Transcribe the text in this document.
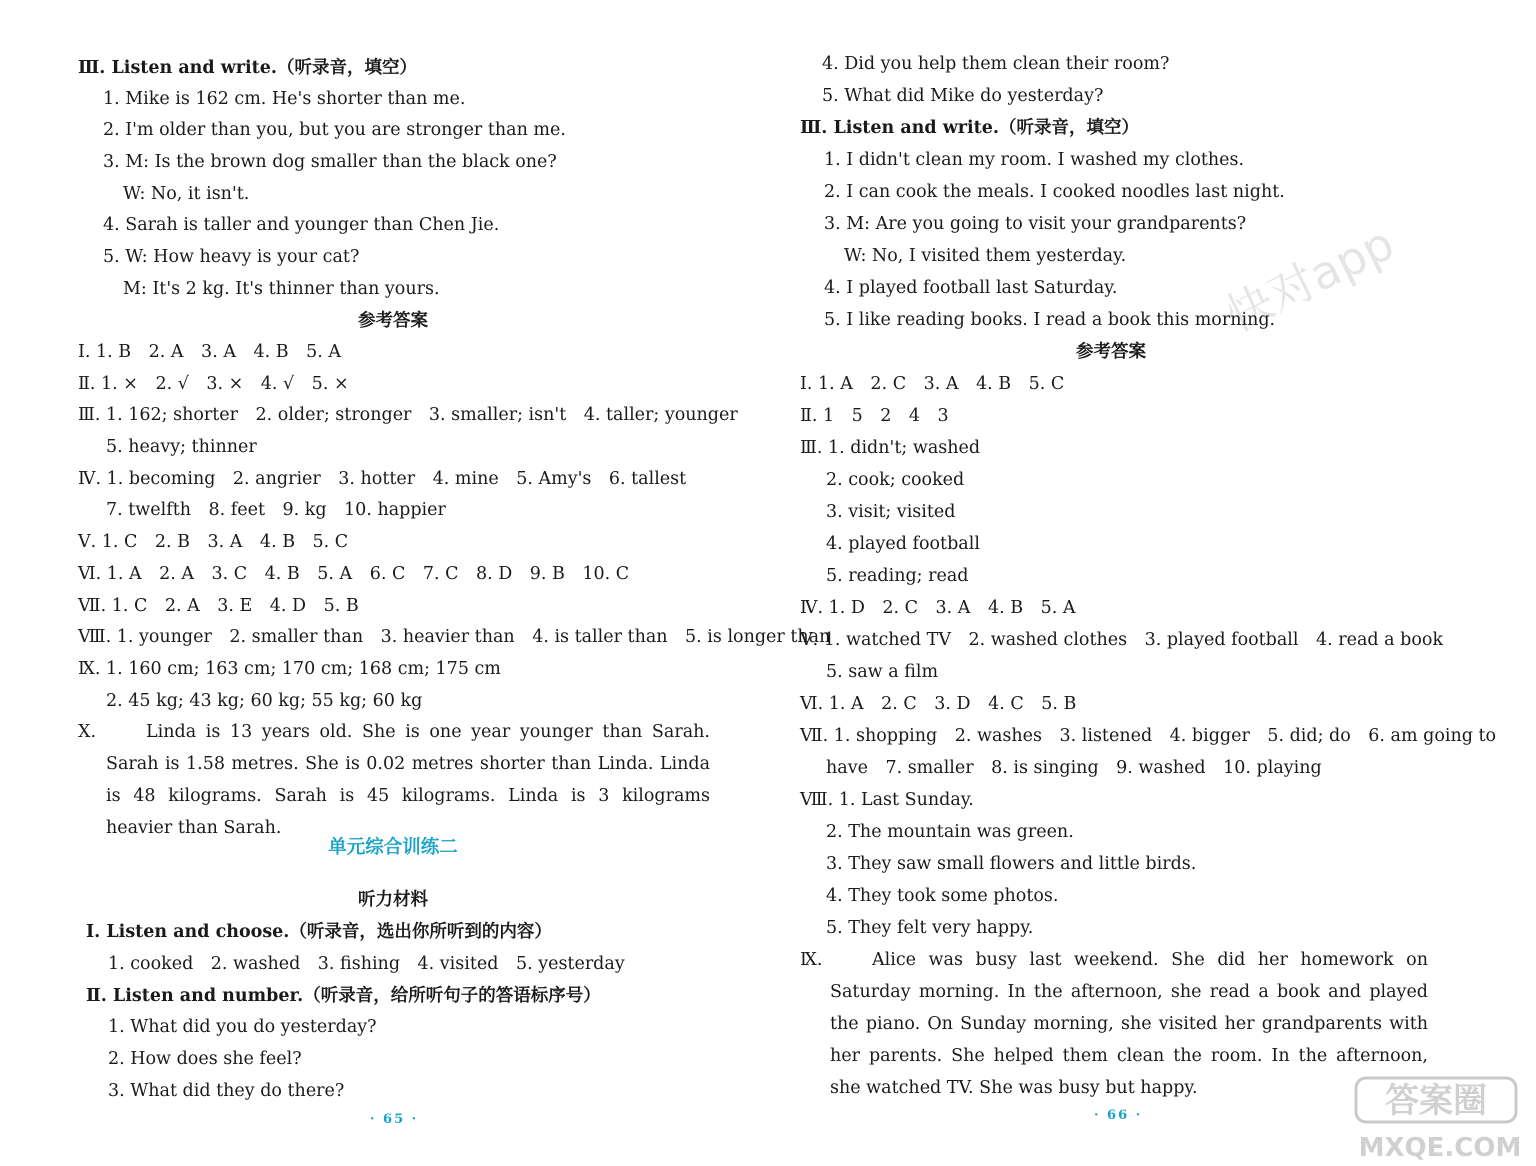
Ⅲ. Listen and write.（听录音，填空）
1. Mike is 162 cm. He's shorter than me.
2. I'm older than you, but you are stronger than me.
3. M: Is the brown dog smaller than the black one?
W: No, it isn't.
4. Sarah is taller and younger than Chen Jie.
5. W: How heavy is your cat?
M: It's 2 kg. It's thinner than yours.
参考答案
Ⅰ. 1. B　2. A　3. A　4. B　5. A
Ⅱ. 1. ×　2. √　3. ×　4. √　5. ×
Ⅲ. 1. 162; shorter　2. older; stronger　3. smaller; isn't　4. taller; younger
5. heavy; thinner
Ⅳ. 1. becoming　2. angrier　3. hotter　4. mine　5. Amy's　6. tallest
7. twelfth　8. feet　9. kg　10. happier
Ⅴ. 1. C　2. B　3. A　4. B　5. C
Ⅵ. 1. A　2. A　3. C　4. B　5. A　6. C　7. C　8. D　9. B　10. C
Ⅶ. 1. C　2. A　3. E　4. D　5. B
Ⅷ. 1. younger　2. smaller than　3. heavier than　4. is taller than　5. is longer than
Ⅸ. 1. 160 cm; 163 cm; 170 cm; 168 cm; 175 cm
2. 45 kg; 43 kg; 60 kg; 55 kg; 60 kg
Ⅹ.	Linda is 13 years old. She is one year younger than Sarah. Sarah is 1.58 metres. She is 0.02 metres shorter than Linda. Linda is 48 kilograms. Sarah is 45 kilograms. Linda is 3 kilograms heavier than Sarah.
单元综合训练二
听力材料
Ⅰ. Listen and choose.（听录音，选出你所听到的内容）
1. cooked　2. washed　3. fishing　4. visited　5. yesterday
Ⅱ. Listen and number.（听录音，给所听句子的答语标序号）
1. What did you do yesterday?
2. How does she feel?
3. What did they do there?
· 65 ·
4. Did you help them clean their room?
5. What did Mike do yesterday?
Ⅲ. Listen and write.（听录音，填空）
1. I didn't clean my room. I washed my clothes.
2. I can cook the meals. I cooked noodles last night.
3. M: Are you going to visit your grandparents?
W: No, I visited them yesterday.
4. I played football last Saturday.
5. I like reading books. I read a book this morning.
参考答案
Ⅰ. 1. A　2. C　3. A　4. B　5. C
Ⅱ. 1　5　2　4　3
Ⅲ. 1. didn't; washed
2. cook; cooked
3. visit; visited
4. played football
5. reading; read
Ⅳ. 1. D　2. C　3. A　4. B　5. A
Ⅴ. 1. watched TV　2. washed clothes　3. played football　4. read a book
5. saw a film
Ⅵ. 1. A　2. C　3. D　4. C　5. B
Ⅶ. 1. shopping　2. washes　3. listened　4. bigger　5. did; do　6. am going to
have　7. smaller　8. is singing　9. washed　10. playing
Ⅷ. 1. Last Sunday.
2. The mountain was green.
3. They saw small flowers and little birds.
4. They took some photos.
5. They felt very happy.
Ⅸ.	Alice was busy last weekend. She did her homework on Saturday morning. In the afternoon, she read a book and played the piano. On Sunday morning, she visited her grandparents with her parents. She helped them clean the room. In the afternoon, she watched TV. She was busy but happy.
· 66 ·
快对app
答案圈
MXQE.COM
